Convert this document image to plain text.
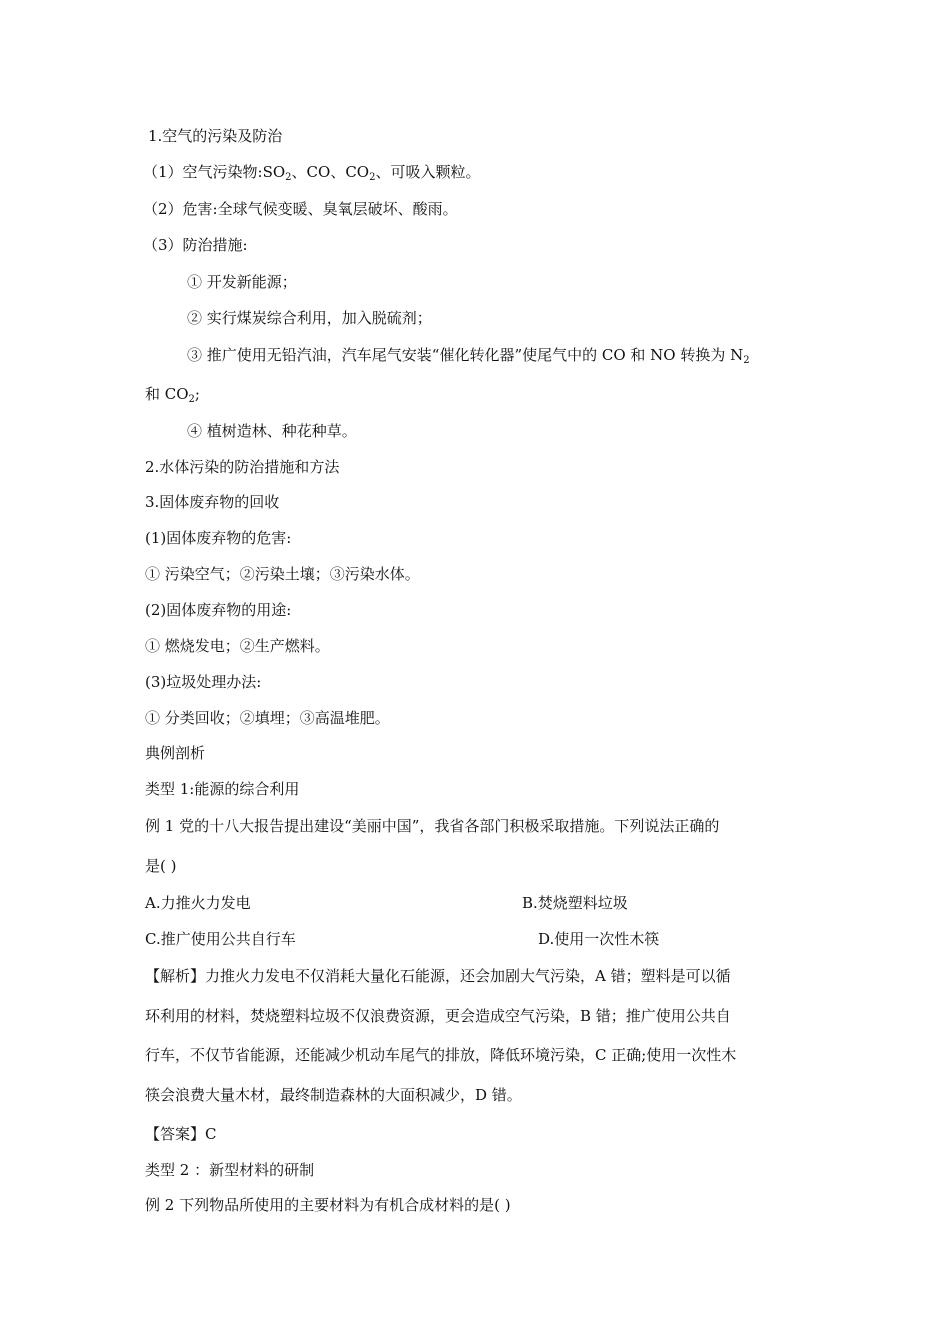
1.空气的污染及防治
（1）空气污染物$:SO_2$、CO、$CO_2$、可吸入颗粒。
（2）危害:全球气候变暖、臭氧层破坏、酸雨。
（3）防治措施:
① 开发新能源；
② 实行煤炭综合利用，加入脱硫剂；
③ 推广使用无铅汽油，汽车尾气安装“催化转化器”使尾气中的 CO 和 NO 转换为 $N_2$
和 $CO_2$;
④ 植树造林、种花种草。
2.水体污染的防治措施和方法
3.固体废弃物的回收
(1)固体废弃物的危害:
① 污染空气；②污染土壤；③污染水体。
(2)固体废弃物的用途:
① 燃烧发电；②生产燃料。
(3)垃圾处理办法:
① 分类回收；②填埋；③高温堆肥。
典例剖析
类型 1:能源的综合利用
例 1 党的十八大报告提出建设“美丽中国”，我省各部门积极采取措施。下列说法正确的
是( )
A.力推火力发电	B.焚烧塑料垃圾
C.推广使用公共自行车	D.使用一次性木筷
【解析】力推火力发电不仅消耗大量化石能源，还会加剧大气污染，A 错；塑料是可以循
环利用的材料，焚烧塑料垃圾不仅浪费资源，更会造成空气污染，B 错；推广使用公共自
行车，不仅节省能源，还能减少机动车尾气的排放，降低环境污染，C 正确;使用一次性木
筷会浪费大量木材，最终制造森林的大面积减少，D 错。
【答案】C
类型 2 ：新型材料的研制
例 2 下列物品所使用的主要材料为有机合成材料的是( )
